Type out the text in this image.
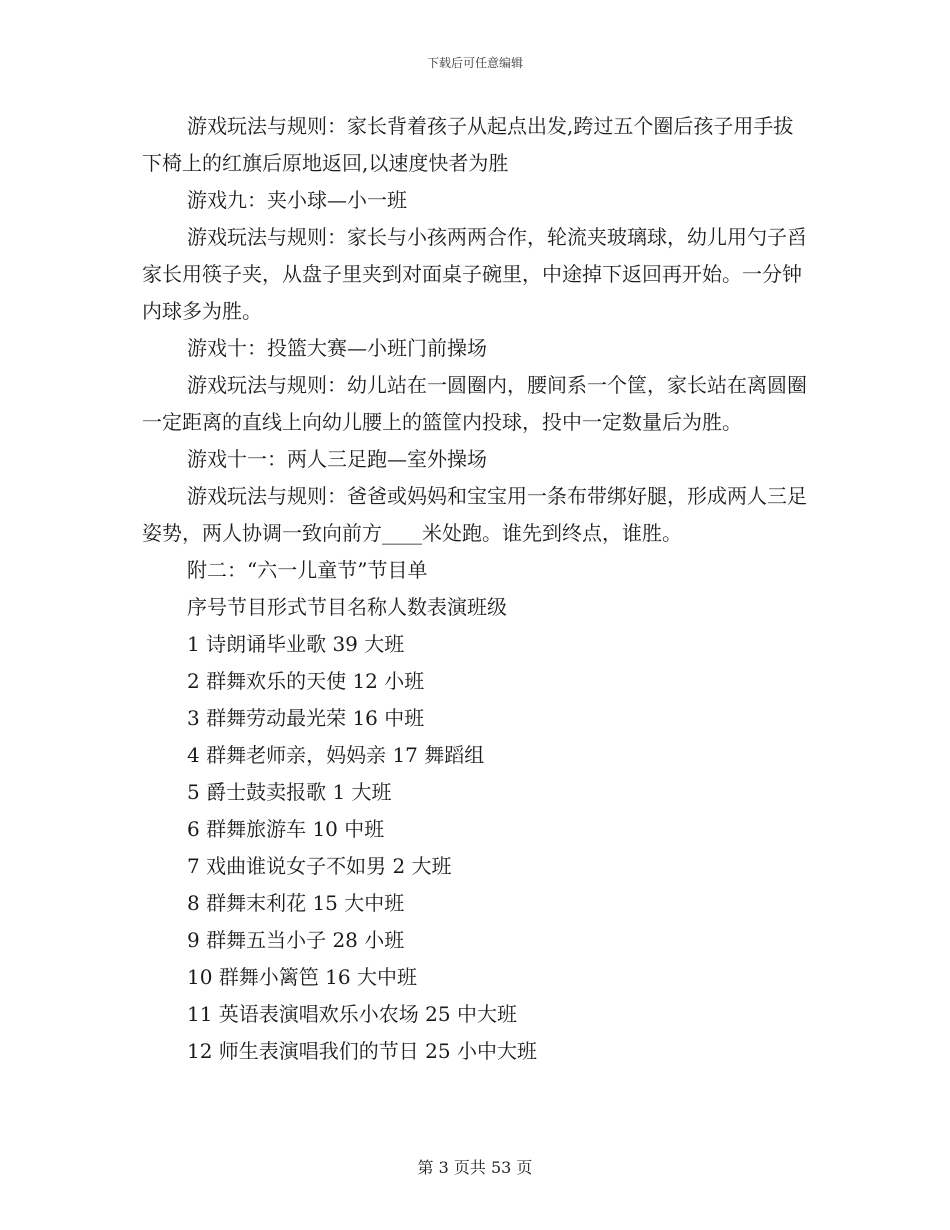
下载后可任意编辑

游戏玩法与规则：家长背着孩子从起点出发,跨过五个圈后孩子用手拔下椅上的红旗后原地返回,以速度快者为胜

游戏九：夹小球—小一班

游戏玩法与规则：家长与小孩两两合作，轮流夹玻璃球，幼儿用勺子舀家长用筷子夹，从盘子里夹到对面桌子碗里，中途掉下返回再开始。一分钟内球多为胜。

游戏十：投篮大赛—小班门前操场

游戏玩法与规则：幼儿站在一圆圈内，腰间系一个筐，家长站在离圆圈一定距离的直线上向幼儿腰上的篮筐内投球，投中一定数量后为胜。

游戏十一：两人三足跑—室外操场

游戏玩法与规则：爸爸或妈妈和宝宝用一条布带绑好腿，形成两人三足姿势，两人协调一致向前方____米处跑。谁先到终点，谁胜。

附二：“六一儿童节”节目单

序号节目形式节目名称人数表演班级

1 诗朗诵毕业歌 39 大班

2 群舞欢乐的天使 12 小班

3 群舞劳动最光荣 16 中班

4 群舞老师亲，妈妈亲 17 舞蹈组

5 爵士鼓卖报歌 1 大班

6 群舞旅游车 10 中班

7 戏曲谁说女子不如男 2 大班

8 群舞末利花 15 大中班

9 群舞五当小子 28 小班

10 群舞小篱笆 16 大中班

11 英语表演唱欢乐小农场 25 中大班

12 师生表演唱我们的节日 25 小中大班

第 3 页共 53 页
